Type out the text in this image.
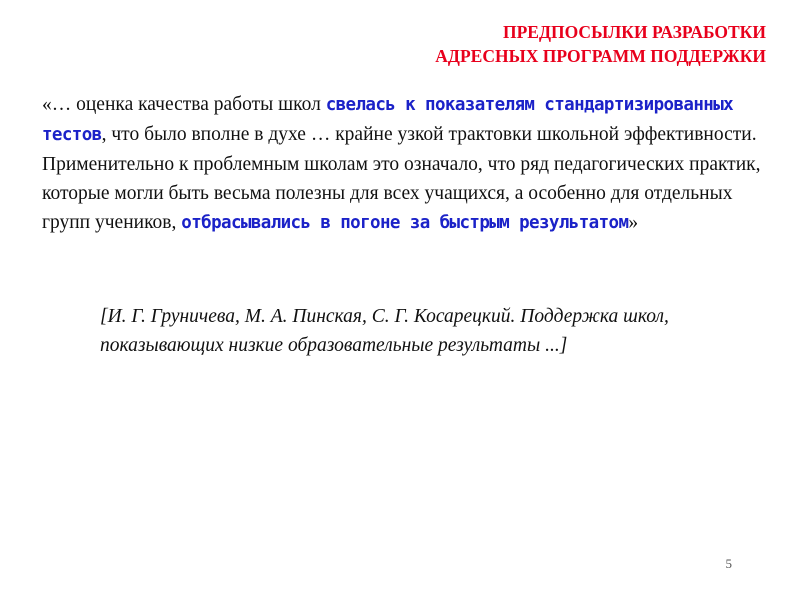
ПРЕДПОСЫЛКИ РАЗРАБОТКИ
АДРЕСНЫХ ПРОГРАММ ПОДДЕРЖКИ

«… оценка качества работы школ свелась к показателям стандартизированных тестов, что было вполне в духе … крайне узкой трактовки школьной эффективности. Применительно к проблемным школам это означало, что ряд педагогических практик, которые могли быть весьма полезны для всех учащихся, а особенно для отдельных групп учеников, отбрасывались в погоне за быстрым результатом»

[И. Г. Груничева, М. А. Пинская, С. Г. Косарецкий. Поддержка школ, показывающих низкие образовательные результаты ...]

5
